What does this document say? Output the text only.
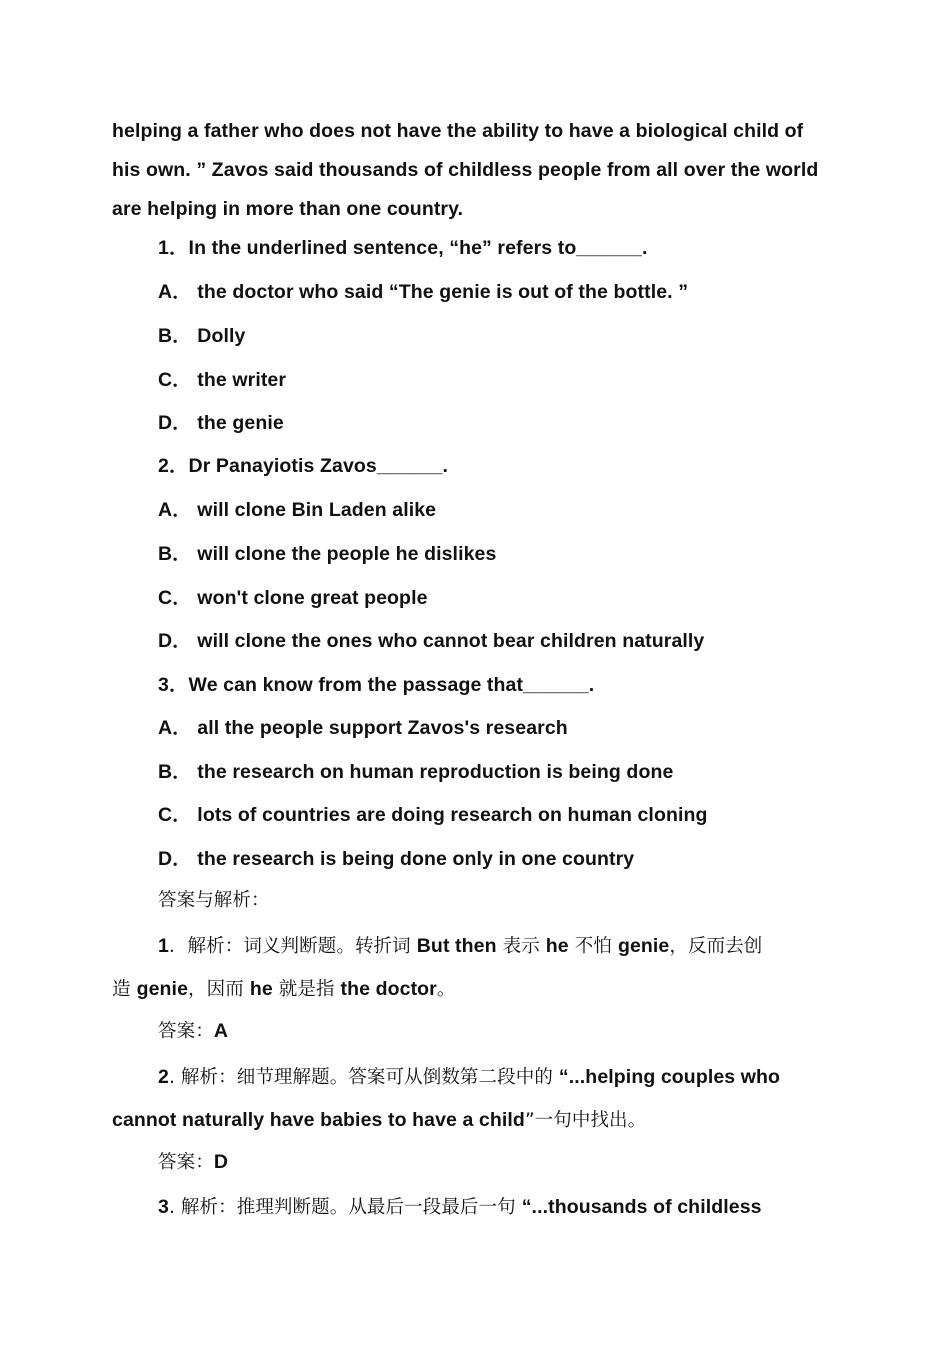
helping a father who does not have the ability to have a biological child of
his own. ” Zavos said thousands of childless people from all over the world
are helping in more than one country.
1．In the underlined sentence, “he” refers to______.
A． the doctor who said “The genie is out of the bottle. ”
B． Dolly
C． the writer
D． the genie
2．Dr Panayiotis Zavos______.
A． will clone Bin Laden alike
B． will clone the people he dislikes
C． won't clone great people
D． will clone the ones who cannot bear children naturally
3．We can know from the passage that______.
A． all the people support Zavos's research
B． the research on human reproduction is being done
C． lots of countries are doing research on human cloning
D． the research is being done only in one country
答案与解析：
1．解析：词义判断题。转折词 But then 表示 he 不怕 genie，反而去创
造 genie，因而 he 就是指 the doctor。
答案：A
2. 解析：细节理解题。答案可从倒数第二段中的 “...helping couples who
cannot naturally have babies to have a child”一句中找出。
答案：D
3. 解析：推理判断题。从最后一段最后一句 “...thousands of childless
